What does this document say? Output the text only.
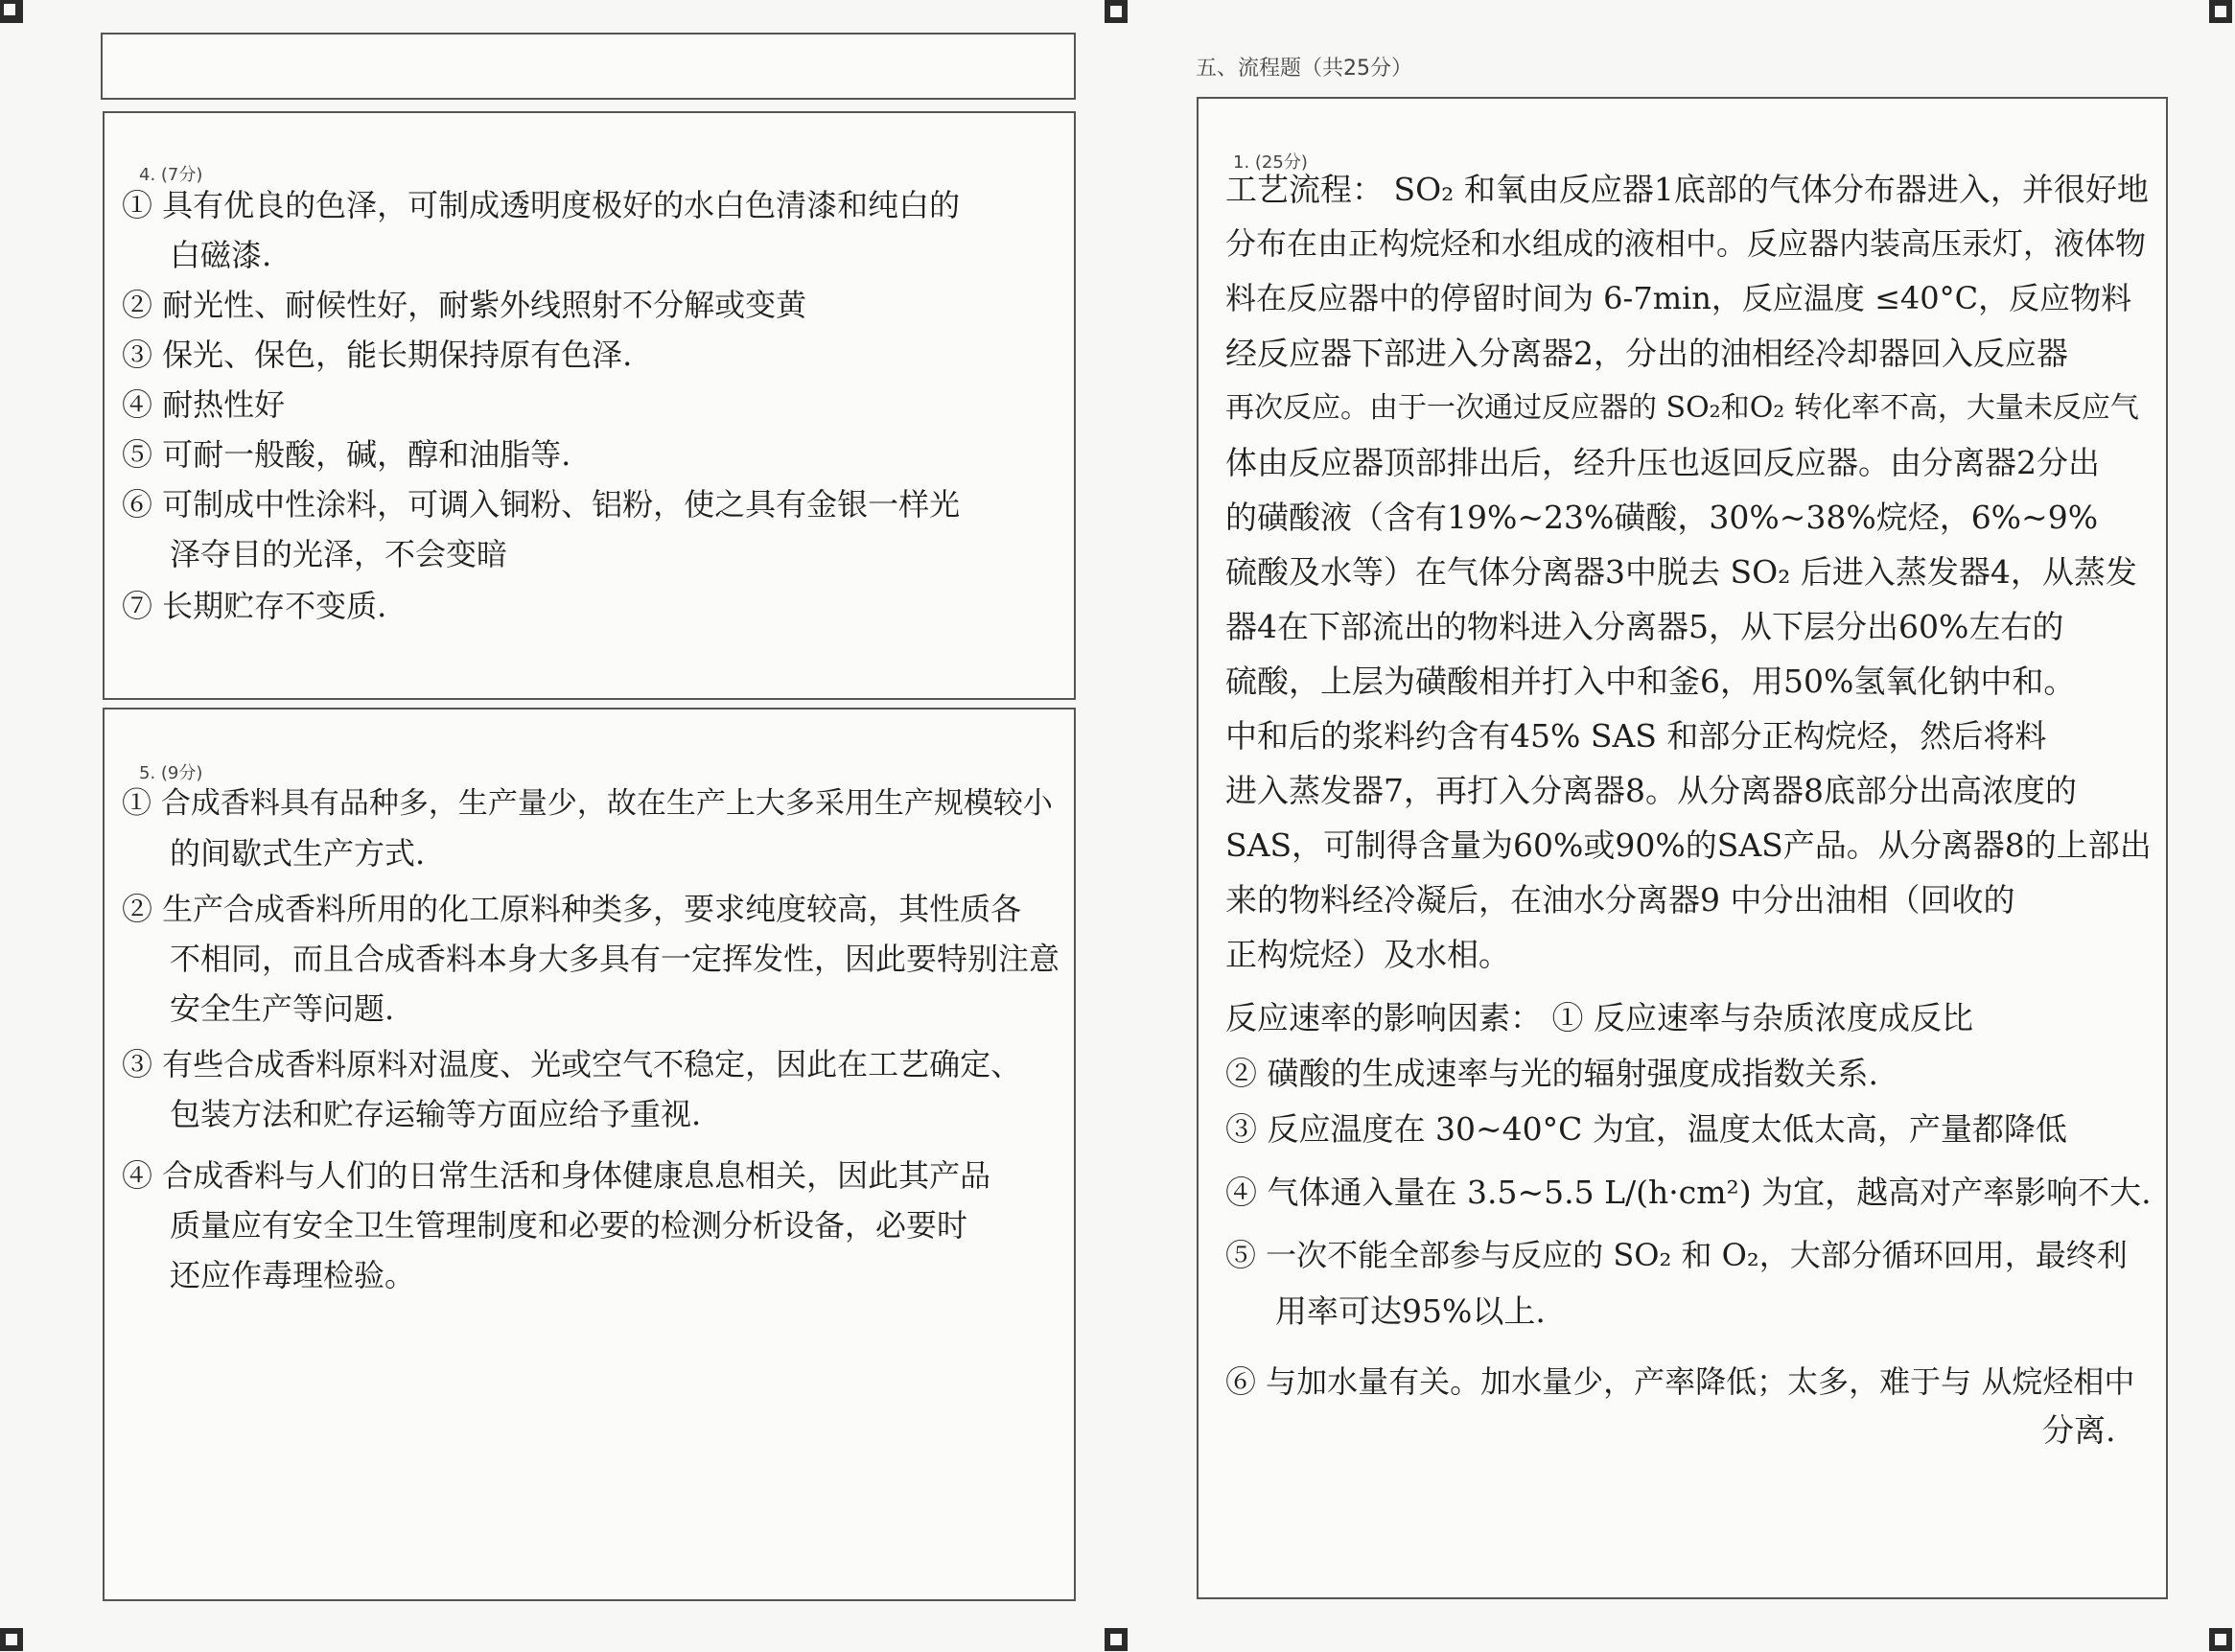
4. (7分)
① 具有优良的色泽，可制成透明度极好的水白色清漆和纯白的
白磁漆.
② 耐光性、耐候性好，耐紫外线照射不分解或变黄
③ 保光、保色，能长期保持原有色泽.
④ 耐热性好
⑤ 可耐一般酸，碱，醇和油脂等.
⑥ 可制成中性涂料，可调入铜粉、铝粉，使之具有金银一样光
泽夺目的光泽，不会变暗
⑦ 长期贮存不变质.
5. (9分)
① 合成香料具有品种多，生产量少，故在生产上大多采用生产规模较小
的间歇式生产方式.
② 生产合成香料所用的化工原料种类多，要求纯度较高，其性质各
不相同，而且合成香料本身大多具有一定挥发性，因此要特别注意
安全生产等问题.
③ 有些合成香料原料对温度、光或空气不稳定，因此在工艺确定、
包装方法和贮存运输等方面应给予重视.
④ 合成香料与人们的日常生活和身体健康息息相关，因此其产品
质量应有安全卫生管理制度和必要的检测分析设备，必要时
还应作毒理检验。
五、流程题（共25分）
1. (25分)
工艺流程： SO₂ 和氧由反应器1底部的气体分布器进入，并很好地
分布在由正构烷烃和水组成的液相中。反应器内装高压汞灯，液体物
料在反应器中的停留时间为 6-7min，反应温度 ≤40°C，反应物料
经反应器下部进入分离器2，分出的油相经冷却器回入反应器
再次反应。由于一次通过反应器的 SO₂和O₂ 转化率不高，大量未反应气
体由反应器顶部排出后，经升压也返回反应器。由分离器2分出
的磺酸液（含有19%~23%磺酸，30%~38%烷烃，6%~9%
硫酸及水等）在气体分离器3中脱去 SO₂ 后进入蒸发器4，从蒸发
器4在下部流出的物料进入分离器5，从下层分出60%左右的
硫酸，上层为磺酸相并打入中和釜6，用50%氢氧化钠中和。
中和后的浆料约含有45% SAS 和部分正构烷烃，然后将料
进入蒸发器7，再打入分离器8。从分离器8底部分出高浓度的
SAS，可制得含量为60%或90%的SAS产品。从分离器8的上部出
来的物料经冷凝后，在油水分离器9 中分出油相（回收的
正构烷烃）及水相。
反应速率的影响因素： ① 反应速率与杂质浓度成反比
② 磺酸的生成速率与光的辐射强度成指数关系.
③ 反应温度在 30~40°C 为宜，温度太低太高，产量都降低
④ 气体通入量在 3.5~5.5 L/(h·cm²) 为宜，越高对产率影响不大.
⑤ 一次不能全部参与反应的 SO₂ 和 O₂，大部分循环回用，最终利
用率可达95%以上.
⑥ 与加水量有关。加水量少，产率降低；太多，难于与 从烷烃相中
分离.
